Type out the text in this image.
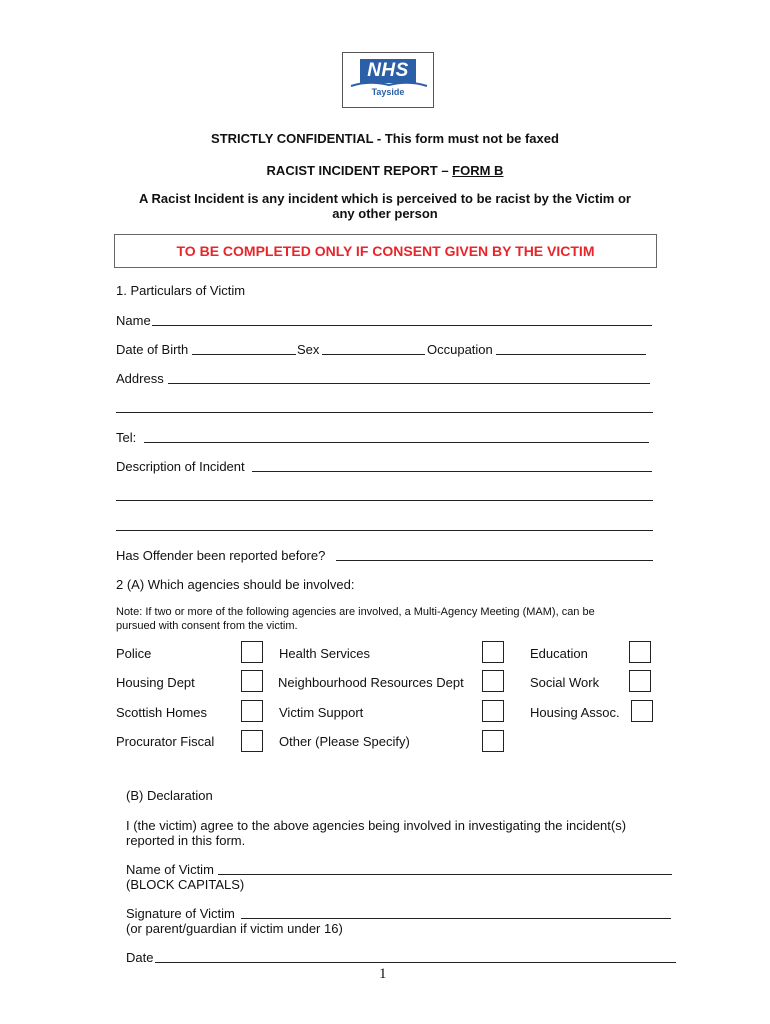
NHS
Tayside
STRICTLY CONFIDENTIAL - This form must not be faxed
RACIST INCIDENT REPORT – FORM B
A Racist Incident is any incident which is perceived to be racist by the Victim or
any other person
TO BE COMPLETED ONLY IF CONSENT GIVEN BY THE VICTIM
1. Particulars of Victim
Name
Date of Birth	Sex	Occupation
Address
Tel:
Description of Incident
Has Offender been reported before?
2 (A) Which agencies should be involved:
Note: If two or more of the following agencies are involved, a Multi-Agency Meeting (MAM), can be
pursued with consent from the victim.
Police	Health Services	Education
Housing Dept	Neighbourhood Resources Dept	Social Work
Scottish Homes	Victim Support	Housing Assoc.
Procurator Fiscal	Other (Please Specify)
(B) Declaration
I (the victim) agree to the above agencies being involved in investigating the incident(s)
reported in this form.
Name of Victim
(BLOCK CAPITALS)
Signature of Victim
(or parent/guardian if victim under 16)
Date
1
